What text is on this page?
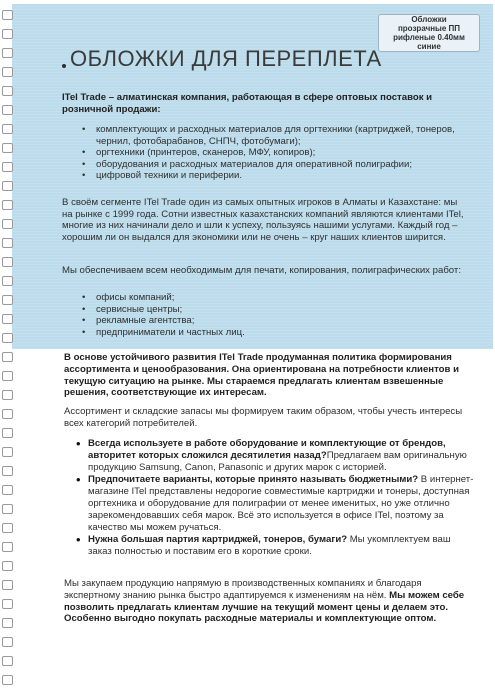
Обложки
прозрачные ПП
рифленые 0.40мм
синие
ОБЛОЖКИ ДЛЯ ПЕРЕПЛЕТА
ITel Trade – алматинская компания, работающая в сфере оптовых поставок и розничной продажи:
• комплектующих и расходных материалов для оргтехники (картриджей, тонеров, чернил, фотобарабанов, СНПЧ, фотобумаги);
• оргтехники (принтеров, сканеров, МФУ, копиров);
• оборудования и расходных материалов для оперативной полиграфии;
• цифровой техники и периферии.
В своём сегменте ITel Trade один из самых опытных игроков в Алматы и Казахстане: мы на рынке с 1999 года. Сотни известных казахстанских компаний являются клиентами ITel, многие из них начинали дело и шли к успеху, пользуясь нашими услугами. Каждый год – хорошим ли он выдался для экономики или не очень – круг наших клиентов ширится.
Мы обеспечиваем всем необходимым для печати, копирования, полиграфических работ:
• офисы компаний;
• сервисные центры;
• рекламные агентства;
• предприниматели и частных лиц.
В основе устойчивого развития ITel Trade продуманная политика формирования ассортимента и ценообразования. Она ориентирована на потребности клиентов и текущую ситуацию на рынке. Мы стараемся предлагать клиентам взвешенные решения, соответствующие их интересам.
Ассортимент и складские запасы мы формируем таким образом, чтобы учесть интересы всех категорий потребителей.
• Всегда используете в работе оборудование и комплектующие от брендов, авторитет которых сложился десятилетия назад?Предлагаем вам оригинальную продукцию Samsung, Canon, Panasonic и других марок с историей.
• Предпочитаете варианты, которые принято называть бюджетными? В интернет-магазине ITel представлены недорогие совместимые картриджи и тонеры, доступная оргтехника и оборудование для полиграфии от менее именитых, но уже отлично зарекомендовавших себя марок. Всё это используется в офисе ITel, поэтому за качество мы можем ручаться.
• Нужна большая партия картриджей, тонеров, бумаги? Мы укомплектуем ваш заказ полностью и поставим его в короткие сроки.
Мы закупаем продукцию напрямую в производственных компаниях и благодаря экспертному знанию рынка быстро адаптируемся к изменениям на нём. Мы можем себе позволить предлагать клиентам лучшие на текущий момент цены и делаем это. Особенно выгодно покупать расходные материалы и комплектующие оптом.
